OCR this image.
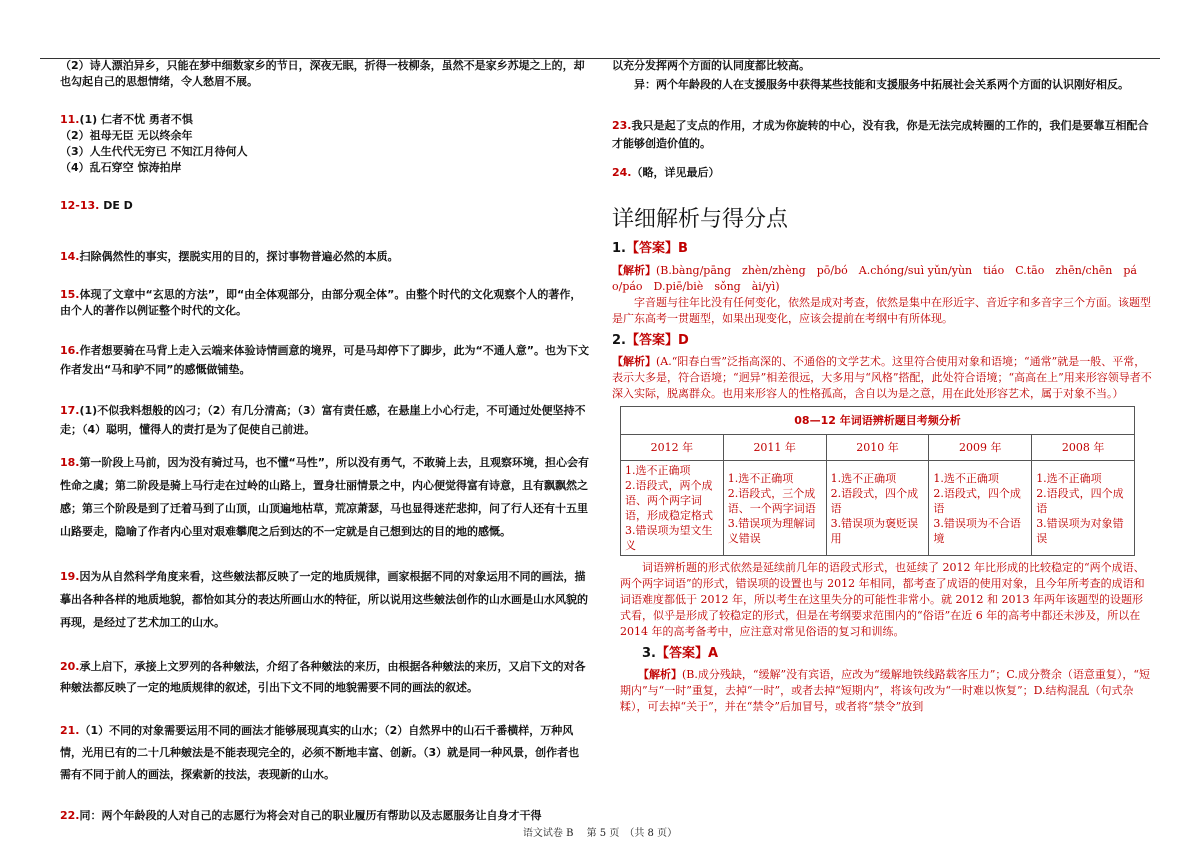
（2）诗人漂泊异乡，只能在梦中细数家乡的节日，深夜无眠，折得一枝柳条，虽然不是家乡苏堤之上的，却也勾起自己的思想情绪，令人愁眉不展。

11.(1) 仁者不忧 勇者不惧
（2）祖母无臣 无以终余年
（3）人生代代无穷已 不知江月待何人
（4）乱石穿空 惊涛拍岸

12-13. DE D

14.扫除偶然性的事实，摆脱实用的目的，探讨事物普遍必然的本质。

15.体现了文章中“玄思的方法”，即“由全体观部分，由部分观全体”。由整个时代的文化观察个人的著作，由个人的著作以例证整个时代的文化。

16.作者想要骑在马背上走入云端来体验诗情画意的境界，可是马却停下了脚步，此为“不通人意”。也为下文作者发出“马和驴不同”的感慨做铺垫。

17.(1)不似我料想般的凶刁；（2）有几分清高；（3）富有责任感，在悬崖上小心行走，不可通过处便坚持不走；（4）聪明，懂得人的责打是为了促使自己前进。

18.第一阶段上马前，因为没有骑过马，也不懂“马性”，所以没有勇气，不敢骑上去，且观察环境，担心会有性命之虞；第二阶段是骑上马行走在过岭的山路上，置身壮丽情景之中，内心便觉得富有诗意，且有飘飘然之感；第三个阶段是到了迁着马到了山顶，山顶遍地枯草，荒凉萧瑟，马也显得迷茫悲抑，问了行人还有十五里山路要走，隐喻了作者内心里对艰难攀爬之后到达的不一定就是自己想到达的目的地的感慨。

19.因为从自然科学角度来看，这些皴法都反映了一定的地质规律，画家根据不同的对象运用不同的画法，描摹出各种各样的地质地貌，都恰如其分的表达所画山水的特征，所以说用这些皴法创作的山水画是山水风貌的再现，是经过了艺术加工的山水。

20.承上启下，承接上文罗列的各种皴法，介绍了各种皴法的来历，由根据各种皴法的来历，又启下文的对各种皴法都反映了一定的地质规律的叙述，引出下文不同的地貌需要不同的画法的叙述。

21.（1）不同的对象需要运用不同的画法才能够展现真实的山水；（2）自然界中的山石千番横样，万种风情，光用已有的二十几种皴法是不能表现完全的，必须不断地丰富、创新。（3）就是同一种风景，创作者也需有不同于前人的画法，探索新的技法，表现新的山水。

22.同：两个年龄段的人对自己的志愿行为将会对自己的职业履历有帮助以及志愿服务让自身才干得

以充分发挥两个方面的认同度都比较高。

异：两个年龄段的人在支援服务中获得某些技能和支援服务中拓展社会关系两个方面的认识刚好相反。

23.我只是起了支点的作用，才成为你旋转的中心，没有我，你是无法完成转圈的工作的，我们是要靠互相配合才能够创造价值的。

24.（略，详见最后）

详细解析与得分点

1.【答案】B

【解析】(B.bàng/pāng　zhèn/zhèng　pō/bó　A.chóng/suì yǔn/yùn　tiáo　C.tāo　zhēn/chēn　pá　o/páo　D.piē/biè　sǒng　ài/yì)

字音题与往年比没有任何变化，依然是成对考查，依然是集中在形近字、音近字和多音字三个方面。该题型是广东高考一贯题型，如果出现变化，应该会提前在考纲中有所体现。

2.【答案】D

【解析】(A.“阳春白雪”泛指高深的、不通俗的文学艺术。这里符合使用对象和语境；“通常”就是一般、平常，表示大多是，符合语境；“迥异”相差很远，大多用与“风格”搭配，此处符合语境；“高高在上”用来形容领导者不深入实际，脱离群众。也用来形容人的性格孤高，含自以为是之意，用在此处形容艺术，属于对象不当。）

08—12 年词语辨析题目考频分析				
2012 年	2011 年	2010 年	2009 年	2008 年
1.选不正确项
2.语段式，两个成语、两个两字词语，形成稳定格式
3.错误项为望文生义	1.选不正确项
2.语段式，三个成语、一个两字词语
3.错误项为理解词义错误	1.选不正确项
2.语段式，四个成语
3.错误项为褒贬误用	1.选不正确项
2.语段式，四个成语
3.错误项为不合语境	1.选不正确项
2.语段式，四个成语
3.错误项为对象错误

词语辨析题的形式依然是延续前几年的语段式形式，也延续了 2012 年比形成的比较稳定的“两个成语、两个两字词语”的形式，错误项的设置也与 2012 年相同，都考查了成语的使用对象，且今年所考查的成语和词语难度都低于 2012 年，所以考生在这里失分的可能性非常小。就 2012 和 2013 年两年该题型的设题形式看，似乎是形成了较稳定的形式，但是在考纲要求范围内的“俗语”在近 6 年的高考中都还未涉及，所以在 2014 年的高考备考中，应注意对常见俗语的复习和训练。

3.【答案】A

【解析】(B.成分残缺，“缓解”没有宾语，应改为“缓解地铁线路载客压力”；C.成分赘余（语意重复），“短期内”与“一时”重复，去掉“一时”，或者去掉“短期内”，将该句改为“一时难以恢复”；D.结构混乱（句式杂糅），可去掉“关于”，并在“禁令”后加冒号，或者将“禁令”放到

语文试卷 B　 第 5 页　（共 8 页）
